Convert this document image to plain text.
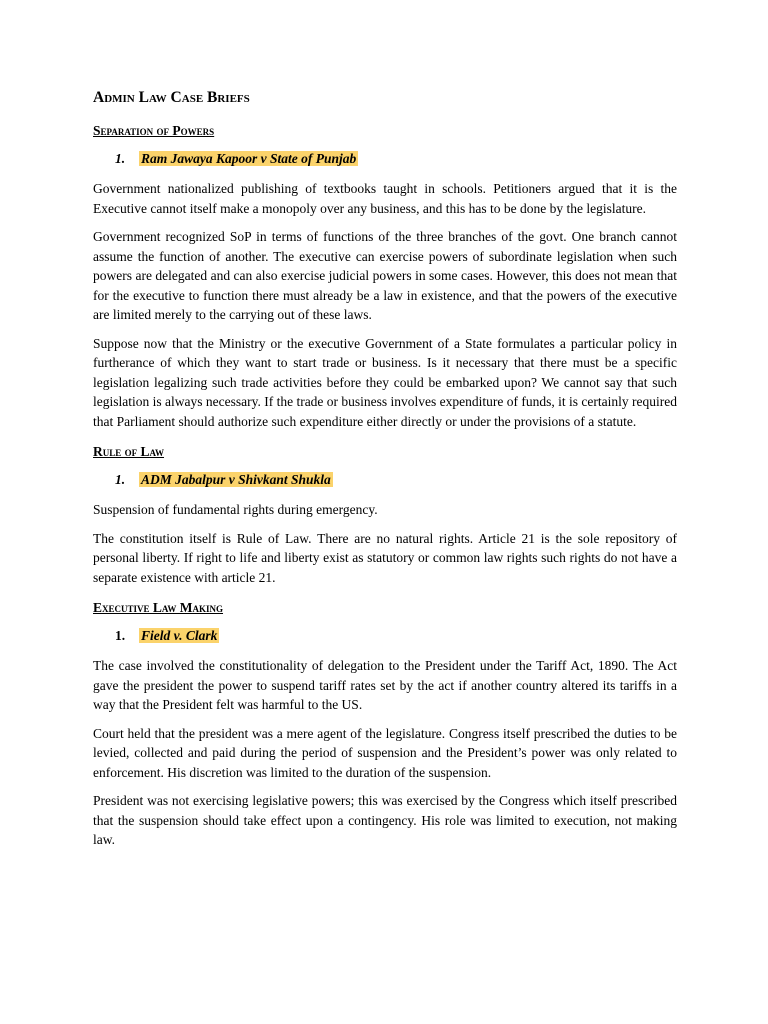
Admin Law Case Briefs
Separation of Powers
1. Ram Jawaya Kapoor v State of Punjab

Government nationalized publishing of textbooks taught in schools. Petitioners argued that it is the Executive cannot itself make a monopoly over any business, and this has to be done by the legislature.

Government recognized SoP in terms of functions of the three branches of the govt. One branch cannot assume the function of another. The executive can exercise powers of subordinate legislation when such powers are delegated and can also exercise judicial powers in some cases. However, this does not mean that for the executive to function there must already be a law in existence, and that the powers of the executive are limited merely to the carrying out of these laws.

Suppose now that the Ministry or the executive Government of a State formulates a particular policy in furtherance of which they want to start trade or business. Is it necessary that there must be a specific legislation legalizing such trade activities before they could be embarked upon? We cannot say that such legislation is always necessary. If the trade or business involves expenditure of funds, it is certainly required that Parliament should authorize such expenditure either directly or under the provisions of a statute.

Rule of Law
1. ADM Jabalpur v Shivkant Shukla

Suspension of fundamental rights during emergency.

The constitution itself is Rule of Law. There are no natural rights. Article 21 is the sole repository of personal liberty. If right to life and liberty exist as statutory or common law rights such rights do not have a separate existence with article 21.

Executive Law Making
1. Field v. Clark

The case involved the constitutionality of delegation to the President under the Tariff Act, 1890. The Act gave the president the power to suspend tariff rates set by the act if another country altered its tariffs in a way that the President felt was harmful to the US.

Court held that the president was a mere agent of the legislature. Congress itself prescribed the duties to be levied, collected and paid during the period of suspension and the President’s power was only related to enforcement. His discretion was limited to the duration of the suspension.

President was not exercising legislative powers; this was exercised by the Congress which itself prescribed that the suspension should take effect upon a contingency. His role was limited to execution, not making law.
